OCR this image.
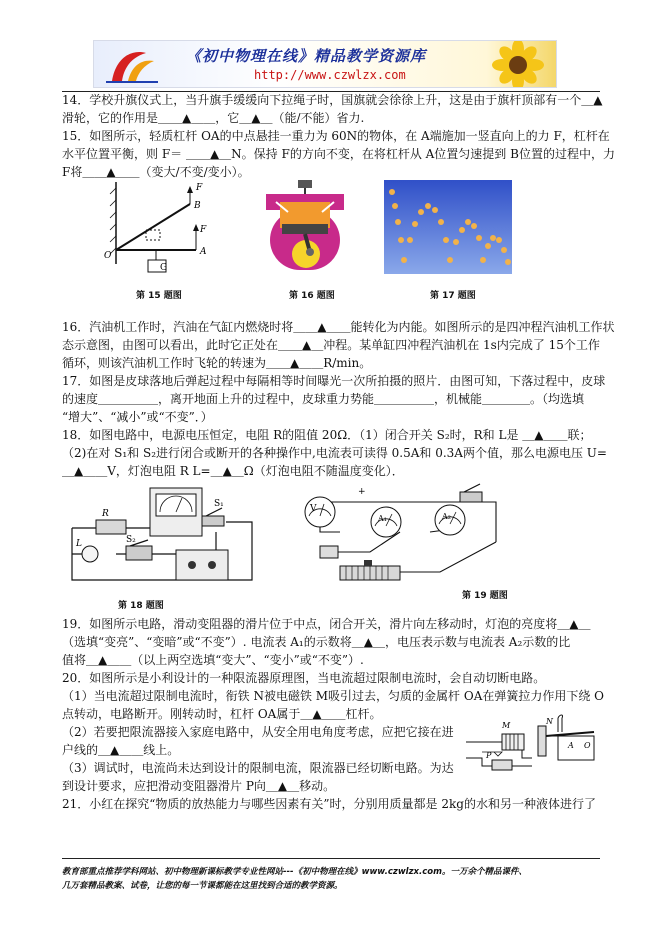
《初中物理在线》精品教学资源库
http://www.czwlzx.com
14．学校升旗仪式上，当升旗手缓缓向下拉绳子时，国旗就会徐徐上升，这是由于旗杆顶部有一个＿▲
滑轮，它的作用是＿＿▲＿＿，它＿▲＿（能/不能）省力.
15．如图所示，轻质杠杆 OA的中点悬挂一重力为 60N的物体，在 A端施加一竖直向上的力 F，杠杆在
水平位置平衡，则 F＝ ＿＿▲＿N。保持 F的方向不变，在将杠杆从 A位置匀速提到 B位置的过程中，力
F将＿＿▲＿＿（变大/不变/变小）。
G
O	A
B
F
F
第 15 题图	第 16 题图	第 17 题图
16．汽油机工作时，汽油在气缸内燃烧时将＿＿▲＿＿能转化为内能。如图所示的是四冲程汽油机工作状
态示意图，由图可以看出，此时它正处在＿＿▲＿冲程。某单缸四冲程汽油机在 1s内完成了 15个工作
循环，则该汽油机工作时飞轮的转速为＿＿▲＿＿R/min。
17．如图是皮球落地后弹起过程中每隔相等时间曝光一次所拍摄的照片．由图可知，下落过程中，皮球
的速度＿＿＿＿＿，离开地面上升的过程中，皮球重力势能＿＿＿＿＿，机械能＿＿＿＿。（均选填
“增大”、“减小”或“不变”．）
18．如图电路中，电源电压恒定，电阻 R的阻值 20Ω．（1）闭合开关 S₂时，R和 L是 ＿▲＿＿联；
（2)在对 S₁和 S₂进行闭合或断开的各种操作中,电流表可读得 0.5A和 0.3A两个值，那么电源电压 U=
＿▲＿＿V，灯泡电阻 R L=＿▲＿Ω（灯泡电阻不随温度变化）．
R
S₁
S₂
L
V
A₁	A₂
+
第 18 题图
第 19 题图
19．如图所示电路，滑动变阻器的滑片位于中点，闭合开关，滑片向左移动时，灯泡的亮度将＿▲＿
（选填“变亮”、“变暗”或“不变”）. 电流表 A₁的示数将＿▲＿，电压表示数与电流表 A₂示数的比
值将＿▲＿＿（以上两空选填“变大”、“变小”或“不变”）.
20．如图所示是小利设计的一种限流器原理图，当电流超过限制电流时，会自动切断电路。
（1）当电流超过限制电流时，衔铁 N被电磁铁 M吸引过去，匀质的金属杆 OA在弹簧拉力作用下绕 O
点转动，电路断开。刚转动时，杠杆 OA属于＿▲＿＿杠杆。
（2）若要把限流器接入家庭电路中，从安全用电角度考虑，应把它接在进
户线的＿▲＿＿线上。
（3）调试时，电流尚未达到设计的限制电流，限流器已经切断电路。为达
到设计要求，应把滑动变阻器滑片 P向＿▲＿移动。
M	N
A O
P
21．小红在探究“物质的放热能力与哪些因素有关”时，分别用质量都是 2kg的水和另一种液体进行了
教育部重点推荐学科网站、初中物理新课标教学专业性网站---《初中物理在线》www.czwlzx.com。一万余个精品课件、
几万套精品教案、试卷，让您的每一节课都能在这里找到合适的教学资源。
